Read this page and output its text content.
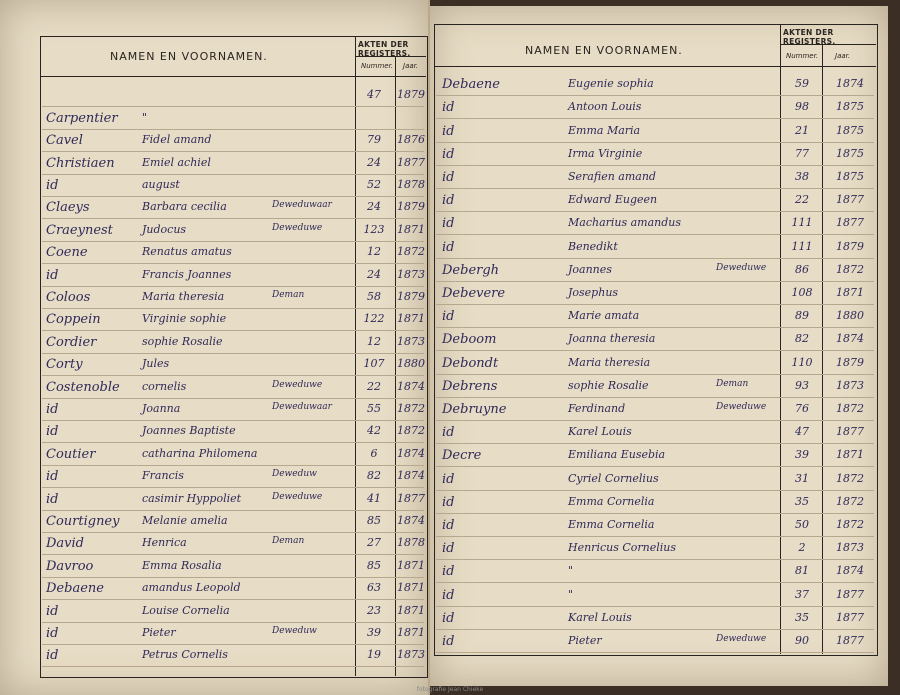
NAMEN EN VOORNAMEN.
AKTEN DER REGISTERS.
Nummer. Jaar.
47	1879
Carpentier	"
Cavel	Fidel amand	79	1876
Christiaen	Emiel achiel	24	1877
id	august	52	1878
Claeys	Barbara cecilia	Deweduwaar	24	1879
Craeynest	Judocus	Deweduwe	123	1871
Coene	Renatus amatus	12	1872
id	Francis Joannes	24	1873
Coloos	Maria theresia	Deman	58	1879
Coppein	Virginie sophie	122	1871
Cordier	sophie Rosalie	12	1873
Corty	Jules	107	1880
Costenoble	cornelis	Deweduwe	22	1874
id	Joanna	Deweduwaar	55	1872
id	Joannes Baptiste	42	1872
Coutier	catharina Philomena	6	1874
id	Francis	Deweduw	82	1874
id	casimir Hyppoliet	Deweduwe	41	1877
Courtigney	Melanie amelia	85	1874
David	Henrica	Deman	27	1878
Davroo	Emma Rosalia	85	1871
Debaene	amandus Leopold	63	1871
id	Louise Cornelia	23	1871
id	Pieter	Deweduw	39	1871
id	Petrus Cornelis	19	1873
NAMEN EN VOORNAMEN.
AKTEN DER REGISTERS.
Nummer. Jaar.
Debaene	Eugenie sophia	59	1874
id	Antoon Louis	98	1875
id	Emma Maria	21	1875
id	Irma Virginie	77	1875
id	Serafien amand	38	1875
id	Edward Eugeen	22	1877
id	Macharius amandus	111	1877
id	Benedikt	111	1879
Debergh	Joannes	Deweduwe	86	1872
Debevere	Josephus	108	1871
id	Marie amata	89	1880
Deboom	Joanna theresia	82	1874
Debondt	Maria theresia	110	1879
Debrens	sophie Rosalie	Deman	93	1873
Debruyne	Ferdinand	Deweduwe	76	1872
id	Karel Louis	47	1877
Decre	Emiliana Eusebia	39	1871
id	Cyriel Cornelius	31	1872
id	Emma Cornelia	35	1872
id	Emma Cornelia	50	1872
id	Henricus Cornelius	2	1873
id	"	81	1874
id	"	37	1877
id	Karel Louis	35	1877
id	Pieter	Deweduwe	90	1877
fotografie Jean Chieke
